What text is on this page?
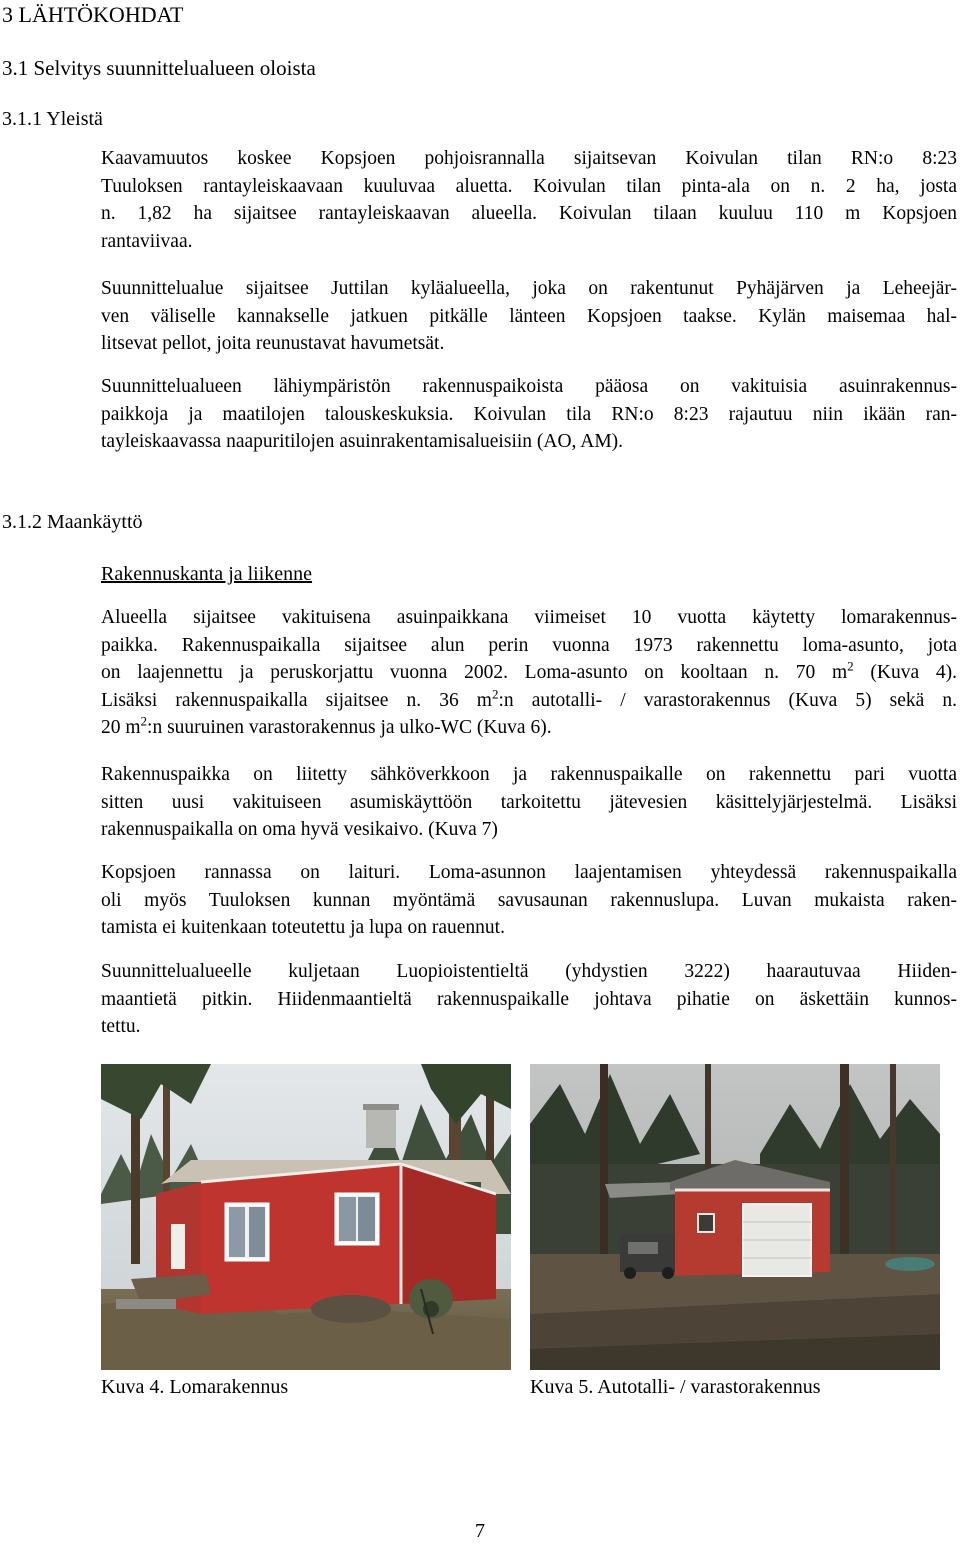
3 LÄHTÖKOHDAT
3.1 Selvitys suunnittelualueen oloista
3.1.1 Yleistä
Kaavamuutos koskee Kopsjoen pohjoisrannalla sijaitsevan Koivulan tilan RN:o 8:23
Tuuloksen rantayleiskaavaan kuuluvaa aluetta. Koivulan tilan pinta-ala on n. 2 ha, josta
n. 1,82 ha sijaitsee rantayleiskaavan alueella. Koivulan tilaan kuuluu 110 m Kopsjoen
rantaviivaa.
Suunnittelualue sijaitsee Juttilan kyläalueella, joka on rakentunut Pyhäjärven ja Leheejär-
ven väliselle kannakselle jatkuen pitkälle länteen Kopsjoen taakse. Kylän maisemaa hal-
litsevat pellot, joita reunustavat havumetsät.
Suunnittelualueen lähiympäristön rakennuspaikoista pääosa on vakituisia asuinrakennus-
paikkoja ja maatilojen talouskeskuksia. Koivulan tila RN:o 8:23 rajautuu niin ikään ran-
tayleiskaavassa naapuritilojen asuinrakentamisalueisiin (AO, AM).
3.1.2 Maankäyttö
Rakennuskanta ja liikenne
Alueella sijaitsee vakituisena asuinpaikkana viimeiset 10 vuotta käytetty lomarakennus-
paikka. Rakennuspaikalla sijaitsee alun perin vuonna 1973 rakennettu loma-asunto, jota
on laajennettu ja peruskorjattu vuonna 2002. Loma-asunto on kooltaan n. 70 $m^2$ (Kuva 4).
Lisäksi rakennuspaikalla sijaitsee n. 36 $m^2:n$ autotalli- / varastorakennus (Kuva 5) sekä n.
20 $m^2:n$ suuruinen varastorakennus ja ulko-WC (Kuva 6).
Rakennuspaikka on liitetty sähköverkkoon ja rakennuspaikalle on rakennettu pari vuotta
sitten uusi vakituiseen asumiskäyttöön tarkoitettu jätevesien käsittelyjärjestelmä. Lisäksi
rakennuspaikalla on oma hyvä vesikaivo. (Kuva 7)
Kopsjoen rannassa on laituri. Loma-asunnon laajentamisen yhteydessä rakennuspaikalla
oli myös Tuuloksen kunnan myöntämä savusaunan rakennuslupa. Luvan mukaista raken-
tamista ei kuitenkaan toteutettu ja lupa on rauennut.
Suunnittelualueelle kuljetaan Luopioistentieltä (yhdystien 3222) haarautuvaa Hiiden-
maantietä pitkin. Hiidenmaantieltä rakennuspaikalle johtava pihatie on äskettäin kunnos-
tettu.
Kuva 4. Lomarakennus	Kuva 5. Autotalli- / varastorakennus
7
